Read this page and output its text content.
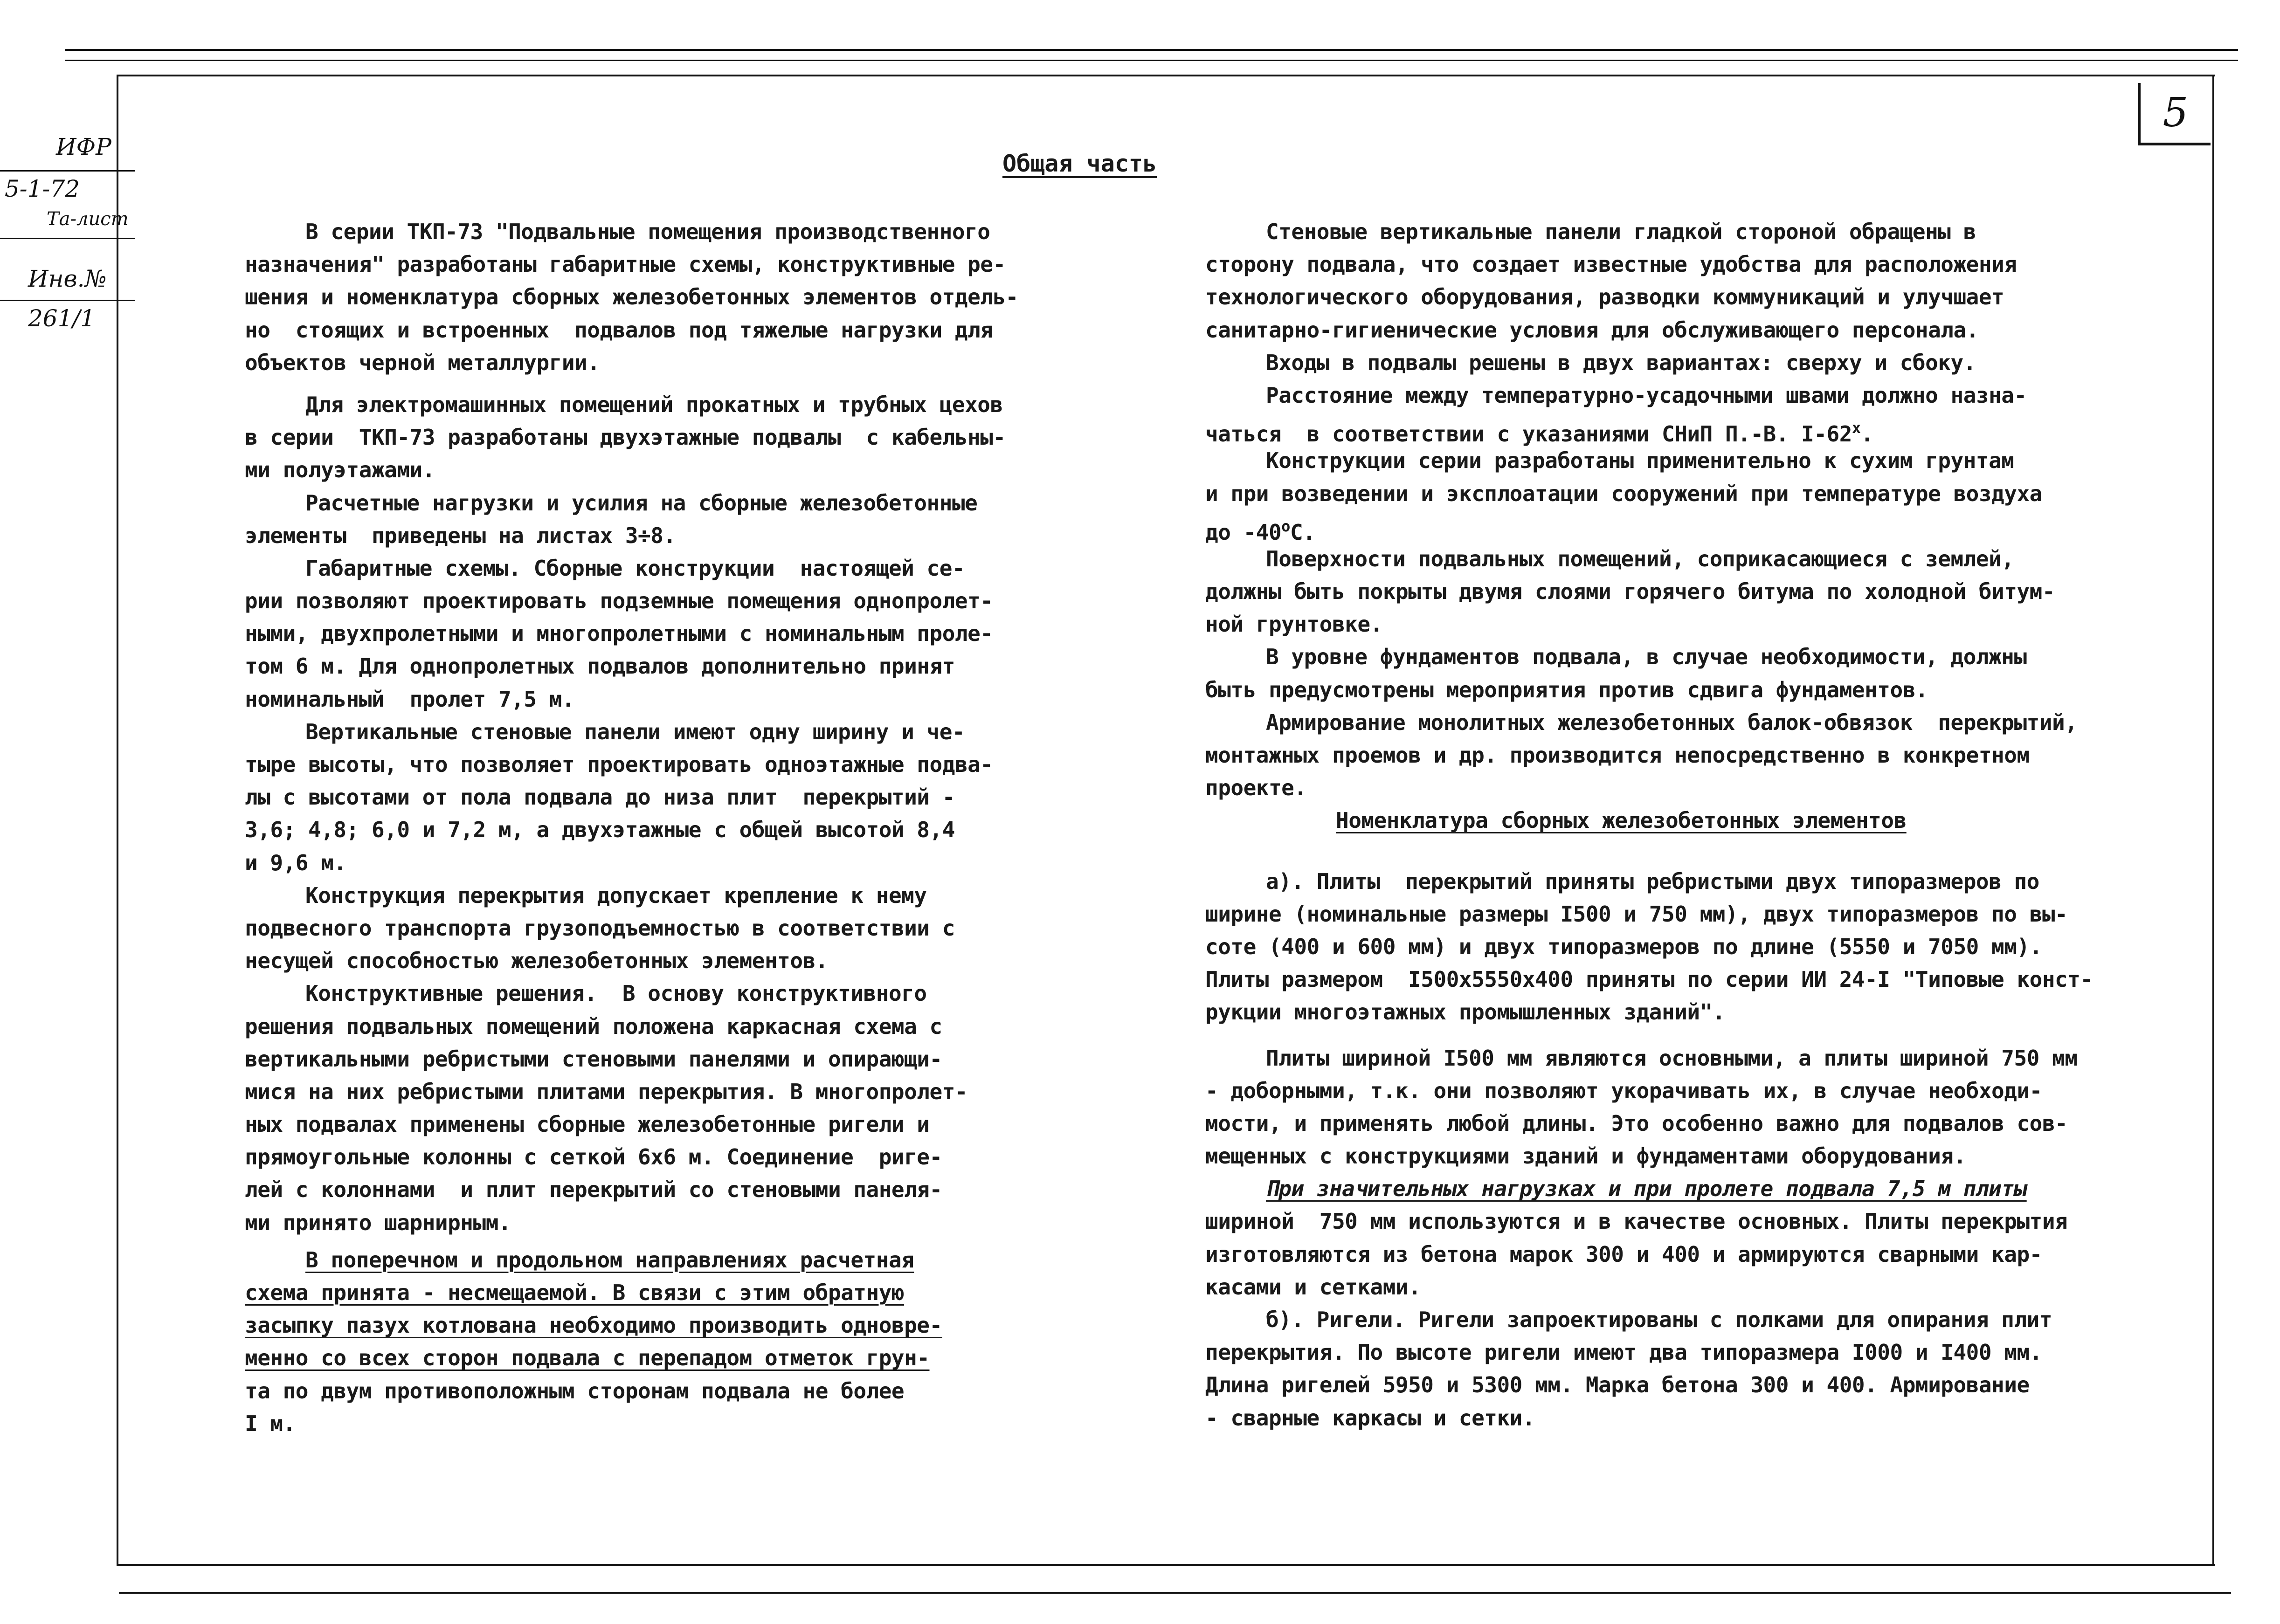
ИФР
5-1-72
Та-лист
Инв.№
261/1
5
Общая часть
В серии ТКП-73 "Подвальные помещения производственного
назначения" разработаны габаритные схемы, конструктивные ре-
шения и номенклатура сборных железобетонных элементов отдель-
но  стоящих и встроенных  подвалов под тяжелые нагрузки для
объектов черной металлургии.
Для электромашинных помещений прокатных и трубных цехов
в серии  ТКП-73 разработаны двухэтажные подвалы  с кабельны-
ми полуэтажами.
Расчетные нагрузки и усилия на сборные железобетонные
элементы  приведены на листах 3÷8.
Габаритные схемы. Сборные конструкции  настоящей се-
рии позволяют проектировать подземные помещения однопролет-
ными, двухпролетными и многопролетными с номинальным проле-
том 6 м. Для однопролетных подвалов дополнительно принят
номинальный  пролет 7,5 м.
Вертикальные стеновые панели имеют одну ширину и че-
тыре высоты, что позволяет проектировать одноэтажные подва-
лы с высотами от пола подвала до низа плит  перекрытий -
3,6; 4,8; 6,0 и 7,2 м, а двухэтажные с общей высотой 8,4
и 9,6 м.
Конструкция перекрытия допускает крепление к нему
подвесного транспорта грузоподъемностью в соответствии с
несущей способностью железобетонных элементов.
Конструктивные решения.  В основу конструктивного
решения подвальных помещений положена каркасная схема с
вертикальными ребристыми стеновыми панелями и опирающи-
мися на них ребристыми плитами перекрытия. В многопролет-
ных подвалах применены сборные железобетонные ригели и
прямоугольные колонны с сеткой 6х6 м. Соединение  риге-
лей с колоннами  и плит перекрытий со стеновыми панеля-
ми принято шарнирным.
В поперечном и продольном направлениях расчетная
схема принята - несмещаемой. В связи с этим обратную
засыпку пазух котлована необходимо производить одновре-
менно со всех сторон подвала с перепадом отметок грун-
та по двум противоположным сторонам подвала не более
I м.
Стеновые вертикальные панели гладкой стороной обращены в
сторону подвала, что создает известные удобства для расположения
технологического оборудования, разводки коммуникаций и улучшает
санитарно-гигиенические условия для обслуживающего персонала.
Входы в подвалы решены в двух вариантах: сверху и сбоку.
Расстояние между температурно-усадочными швами должно назна-
чаться  в соответствии с указаниями СНиП П.-В. $I-62^х$.
Конструкции серии разработаны применительно к сухим грунтам
и при возведении и эксплоатации сооружений при температуре воздуха
до $-40^оС$.
Поверхности подвальных помещений, соприкасающиеся с землей,
должны быть покрыты двумя слоями горячего битума по холодной битум-
ной грунтовке.
В уровне фундаментов подвала, в случае необходимости, должны
быть предусмотрены мероприятия против сдвига фундаментов.
Армирование монолитных железобетонных балок-обвязок  перекрытий,
монтажных проемов и др. производится непосредственно в конкретном
проекте.
Номенклатура сборных железобетонных элементов
а). Плиты  перекрытий приняты ребристыми двух типоразмеров по
ширине (номинальные размеры I500 и 750 мм), двух типоразмеров по вы-
соте (400 и 600 мм) и двух типоразмеров по длине (5550 и 7050 мм).
Плиты размером  I500х5550х400 приняты по серии ИИ 24-I "Типовые конст-
рукции многоэтажных промышленных зданий".
Плиты шириной I500 мм являются основными, а плиты шириной 750 мм
- доборными, т.к. они позволяют укорачивать их, в случае необходи-
мости, и применять любой длины. Это особенно важно для подвалов сов-
мещенных с конструкциями зданий и фундаментами оборудования.
При значительных нагрузках и при пролете подвала 7,5 м плиты
шириной  750 мм используются и в качестве основных. Плиты перекрытия
изготовляются из бетона марок 300 и 400 и армируются сварными кар-
касами и сетками.
б). Ригели. Ригели запроектированы с полками для опирания плит
перекрытия. По высоте ригели имеют два типоразмера I000 и I400 мм.
Длина ригелей 5950 и 5300 мм. Марка бетона 300 и 400. Армирование
- сварные каркасы и сетки.
